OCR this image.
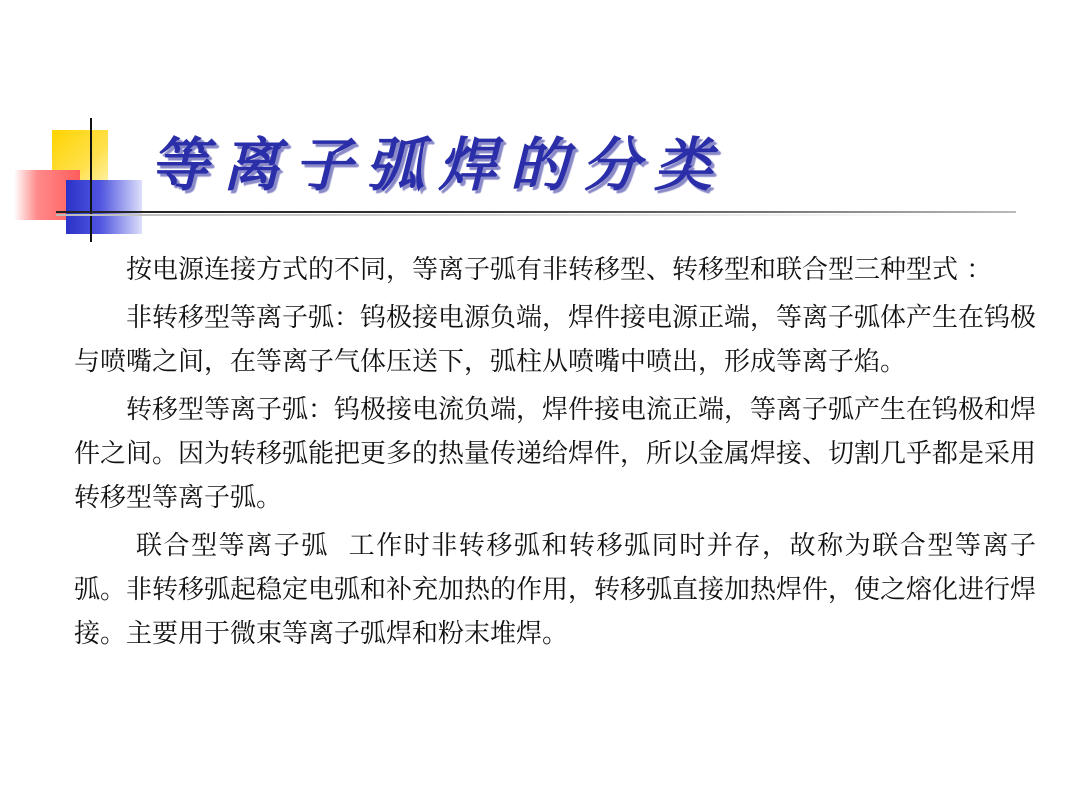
等离子弧焊的分类

按电源连接方式的不同，等离子弧有非转移型、转移型和联合型三种型式 ：

非转移型等离子弧：钨极接电源负端，焊件接电源正端，等离子弧体产生在钨极与喷嘴之间，在等离子气体压送下，弧柱从喷嘴中喷出，形成等离子焰。

转移型等离子弧：钨极接电流负端，焊件接电流正端，等离子弧产生在钨极和焊件之间。因为转移弧能把更多的热量传递给焊件，所以金属焊接、切割几乎都是采用转移型等离子弧。

联合型等离子弧  工作时非转移弧和转移弧同时并存，故称为联合型等离子弧。非转移弧起稳定电弧和补充加热的作用，转移弧直接加热焊件，使之熔化进行焊接。主要用于微束等离子弧焊和粉末堆焊。
